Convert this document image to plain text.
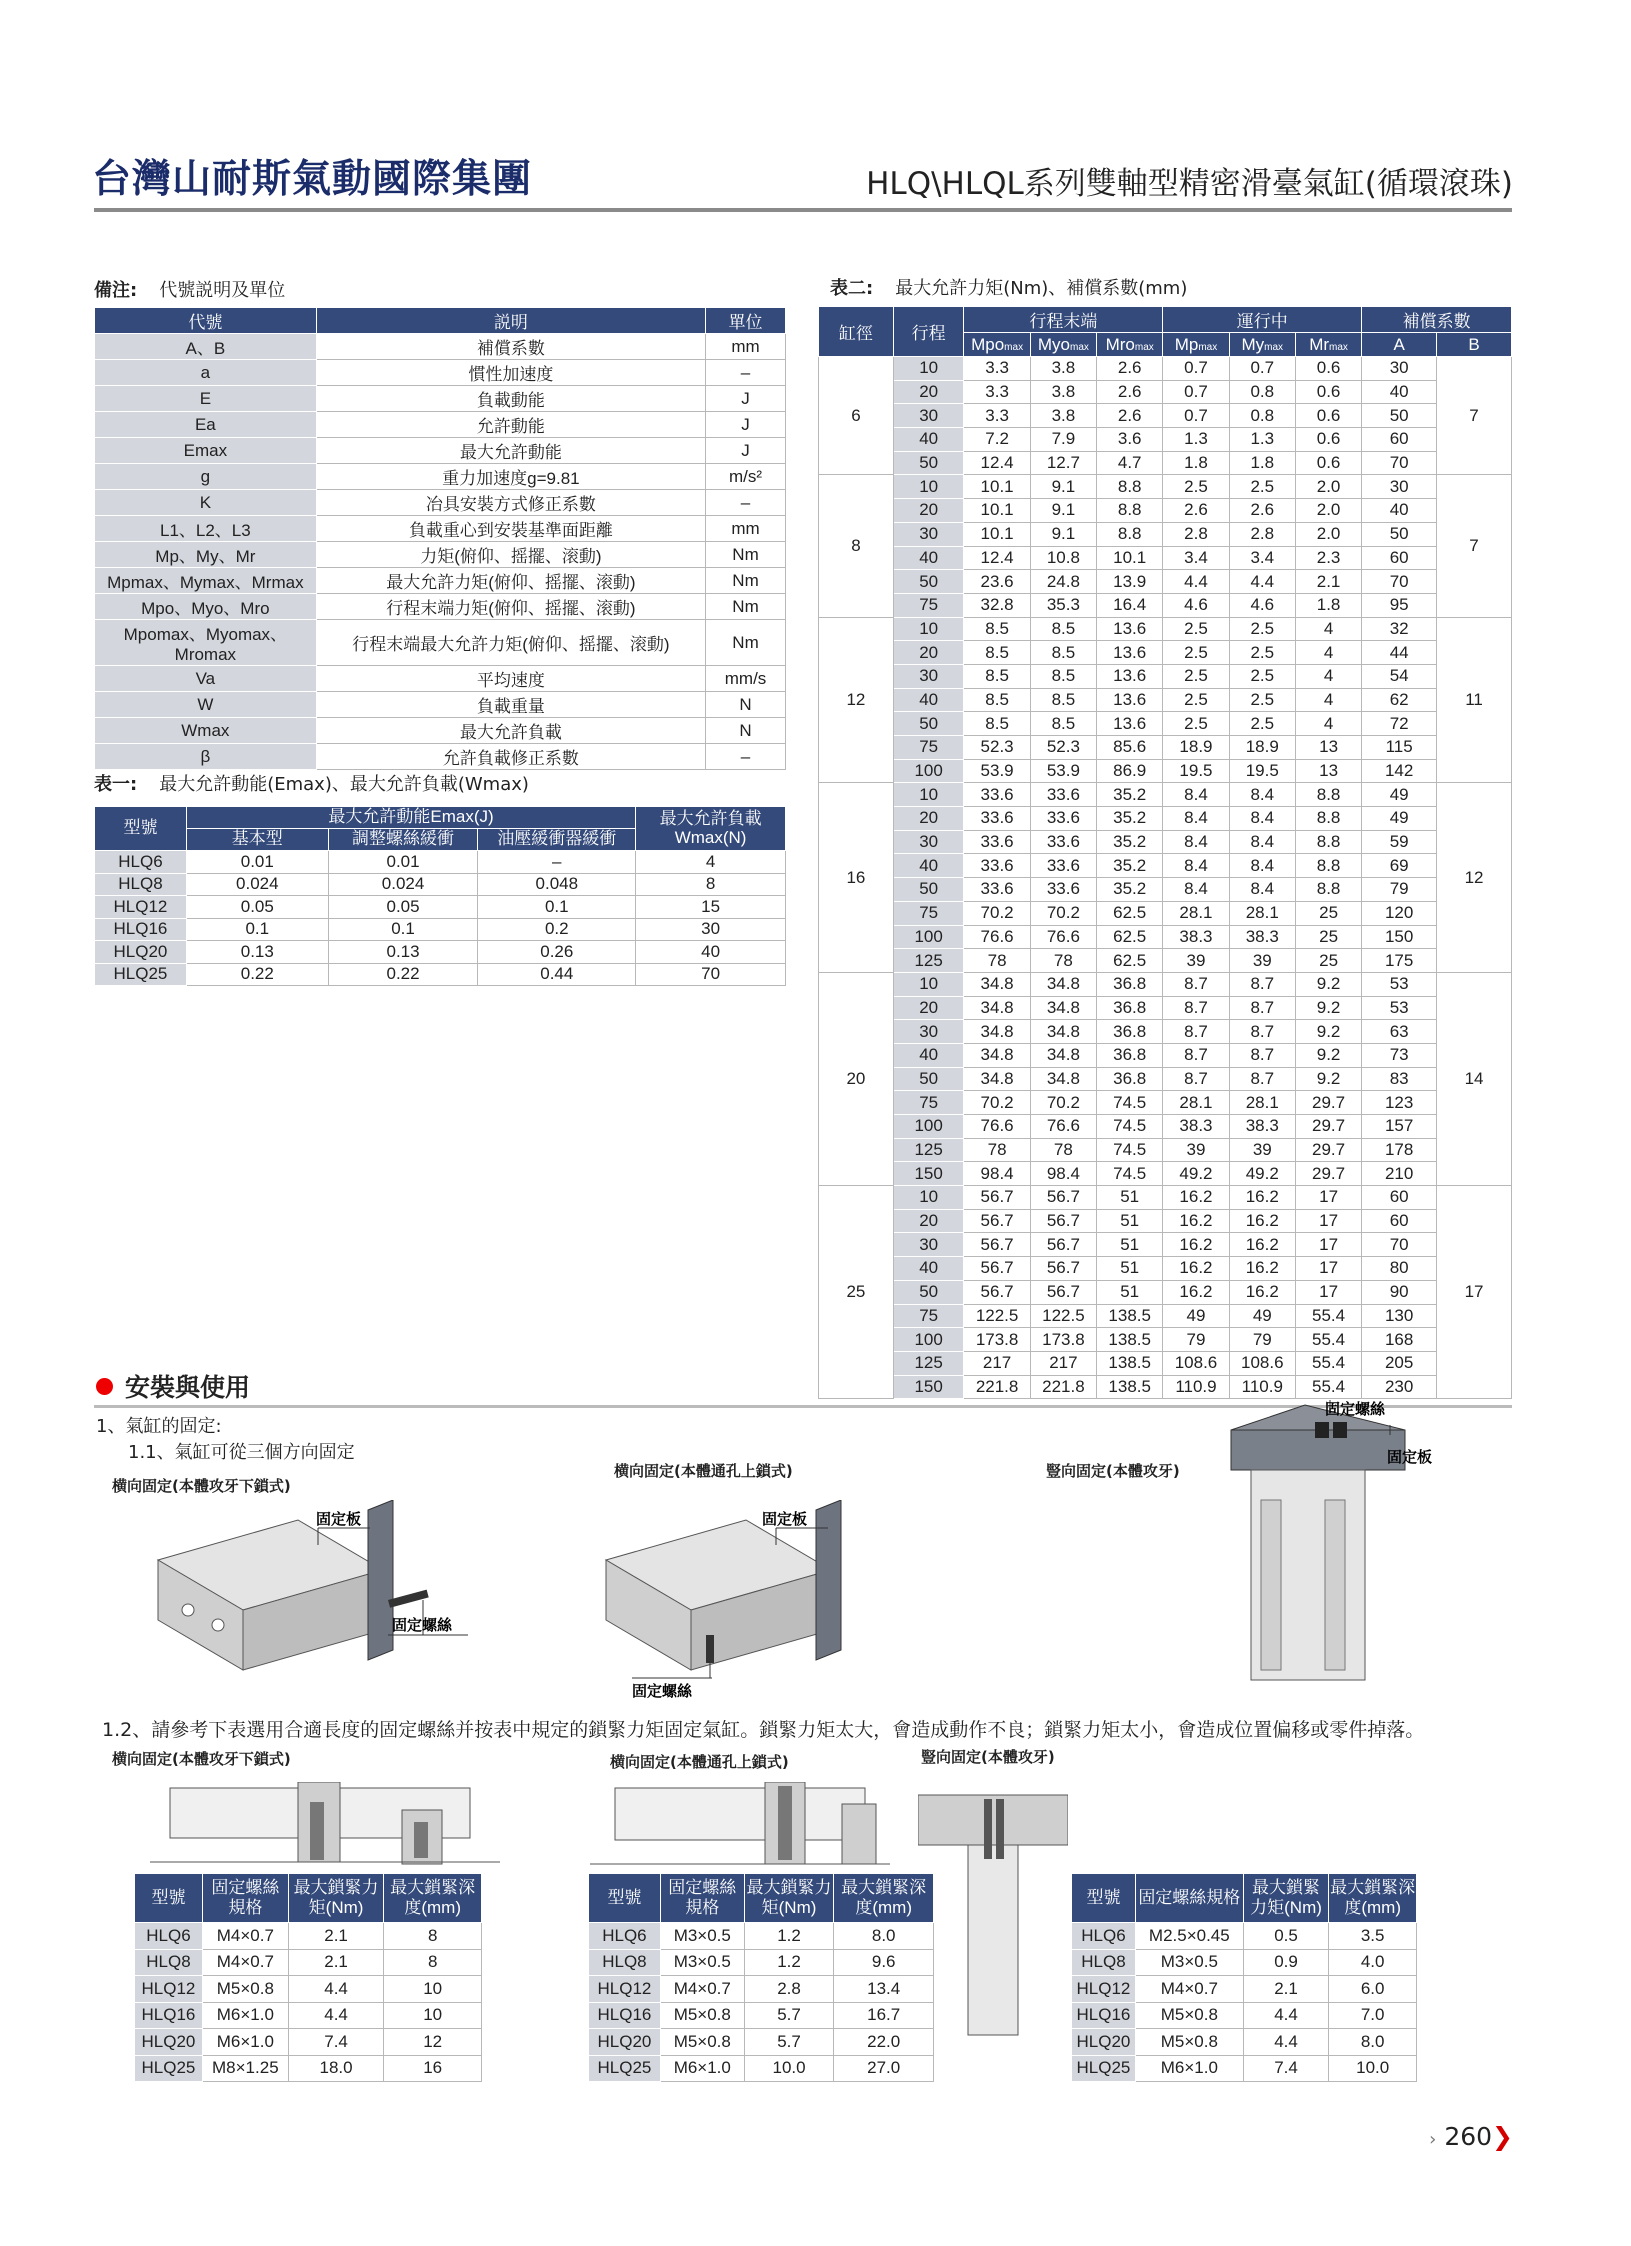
台灣山耐斯氣動國際集團	HLQ\HLQL系列雙軸型精密滑臺氣缸(循環滾珠)
備注: 代號説明及單位
代號	説明	單位
A、B	補償系數	mm
a	慣性加速度	–
E	負載動能	J
Ea	允許動能	J
Emax	最大允許動能	J
g	重力加速度g=9.81	m/s²
K	冶具安裝方式修正系數	–
L1、L2、L3	負載重心到安裝基準面距離	mm
Mp、My、Mr	力矩(俯仰、摇擺、滚動)	Nm
Mpmax、Mymax、Mrmax	最大允許力矩(俯仰、摇擺、滚動)	Nm
Mpo、Myo、Mro	行程末端力矩(俯仰、摇擺、滚動)	Nm
Mpomax、Myomax、Mromax	行程末端最大允許力矩(俯仰、摇擺、滚動)	Nm
Va	平均速度	mm/s
W	負載重量	N
Wmax	最大允許負載	N
β	允許負載修正系數	–
表一: 最大允許動能(Emax)、最大允許負載(Wmax)
型號	最大允許動能Emax(J)			最大允許負載Wmax(N)
	基本型	調整螺絲緩衝	油壓緩衝器緩衝	
HLQ6	0.01	0.01	–	4
HLQ8	0.024	0.024	0.048	8
HLQ12	0.05	0.05	0.1	15
HLQ16	0.1	0.1	0.2	30
HLQ20	0.13	0.13	0.26	40
HLQ25	0.22	0.22	0.44	70
表二: 最大允許力矩(Nm)、補償系數(mm)
缸徑	行程	行程末端			運行中			補償系數	
		Mpomax	Myomax	Mromax	Mpmax	Mymax	Mrmax	A	B
6	10	3.3	3.8	2.6	0.7	0.7	0.6	30	7
	20	3.3	3.8	2.6	0.7	0.8	0.6	40	
	30	3.3	3.8	2.6	0.7	0.8	0.6	50	
	40	7.2	7.9	3.6	1.3	1.3	0.6	60	
	50	12.4	12.7	4.7	1.8	1.8	0.6	70	
8	10	10.1	9.1	8.8	2.5	2.5	2.0	30	7
	20	10.1	9.1	8.8	2.6	2.6	2.0	40	
	30	10.1	9.1	8.8	2.8	2.8	2.0	50	
	40	12.4	10.8	10.1	3.4	3.4	2.3	60	
	50	23.6	24.8	13.9	4.4	4.4	2.1	70	
	75	32.8	35.3	16.4	4.6	4.6	1.8	95	
12	10	8.5	8.5	13.6	2.5	2.5	4	32	11
	20	8.5	8.5	13.6	2.5	2.5	4	44	
	30	8.5	8.5	13.6	2.5	2.5	4	54	
	40	8.5	8.5	13.6	2.5	2.5	4	62	
	50	8.5	8.5	13.6	2.5	2.5	4	72	
	75	52.3	52.3	85.6	18.9	18.9	13	115	
	100	53.9	53.9	86.9	19.5	19.5	13	142	
16	10	33.6	33.6	35.2	8.4	8.4	8.8	49	12
	20	33.6	33.6	35.2	8.4	8.4	8.8	49	
	30	33.6	33.6	35.2	8.4	8.4	8.8	59	
	40	33.6	33.6	35.2	8.4	8.4	8.8	69	
	50	33.6	33.6	35.2	8.4	8.4	8.8	79	
	75	70.2	70.2	62.5	28.1	28.1	25	120	
	100	76.6	76.6	62.5	38.3	38.3	25	150	
	125	78	78	62.5	39	39	25	175	
20	10	34.8	34.8	36.8	8.7	8.7	9.2	53	14
	20	34.8	34.8	36.8	8.7	8.7	9.2	53	
	30	34.8	34.8	36.8	8.7	8.7	9.2	63	
	40	34.8	34.8	36.8	8.7	8.7	9.2	73	
	50	34.8	34.8	36.8	8.7	8.7	9.2	83	
	75	70.2	70.2	74.5	28.1	28.1	29.7	123	
	100	76.6	76.6	74.5	38.3	38.3	29.7	157	
	125	78	78	74.5	39	39	29.7	178	
	150	98.4	98.4	74.5	49.2	49.2	29.7	210	
25	10	56.7	56.7	51	16.2	16.2	17	60	17
	20	56.7	56.7	51	16.2	16.2	17	60	
	30	56.7	56.7	51	16.2	16.2	17	70	
	40	56.7	56.7	51	16.2	16.2	17	80	
	50	56.7	56.7	51	16.2	16.2	17	90	
	75	122.5	122.5	138.5	49	49	55.4	130	
	100	173.8	173.8	138.5	79	79	55.4	168	
	125	217	217	138.5	108.6	108.6	55.4	205	
	150	221.8	221.8	138.5	110.9	110.9	55.4	230	
安裝與使用
1、氣缸的固定:
1.1、氣缸可從三個方向固定
横向固定(本體攻牙下鎖式)
横向固定(本體通孔上鎖式)	豎向固定(本體攻牙)
固定板
固定螺絲
固定板
固定螺絲
固定螺絲
固定板
1.2、請參考下表選用合適長度的固定螺絲并按表中規定的鎖緊力矩固定氣缸。鎖緊力矩太大，會造成動作不良；鎖緊力矩太小，會造成位置偏移或零件掉落。
横向固定(本體攻牙下鎖式)	横向固定(本體通孔上鎖式)	豎向固定(本體攻牙)
型號	固定螺絲規格	最大鎖緊力矩(Nm)	最大鎖緊深度(mm)
HLQ6	M4×0.7	2.1	8
HLQ8	M4×0.7	2.1	8
HLQ12	M5×0.8	4.4	10
HLQ16	M6×1.0	4.4	10
HLQ20	M6×1.0	7.4	12
HLQ25	M8×1.25	18.0	16
型號	固定螺絲規格	最大鎖緊力矩(Nm)	最大鎖緊深度(mm)
HLQ6	M3×0.5	1.2	8.0
HLQ8	M3×0.5	1.2	9.6
HLQ12	M4×0.7	2.8	13.4
HLQ16	M5×0.8	5.7	16.7
HLQ20	M5×0.8	5.7	22.0
HLQ25	M6×1.0	10.0	27.0
型號	固定螺絲規格	最大鎖緊力矩(Nm)	最大鎖緊深度(mm)
HLQ6	M2.5×0.45	0.5	3.5
HLQ8	M3×0.5	0.9	4.0
HLQ12	M4×0.7	2.1	6.0
HLQ16	M5×0.8	4.4	7.0
HLQ20	M5×0.8	4.4	8.0
HLQ25	M6×1.0	7.4	10.0
› 260❯
